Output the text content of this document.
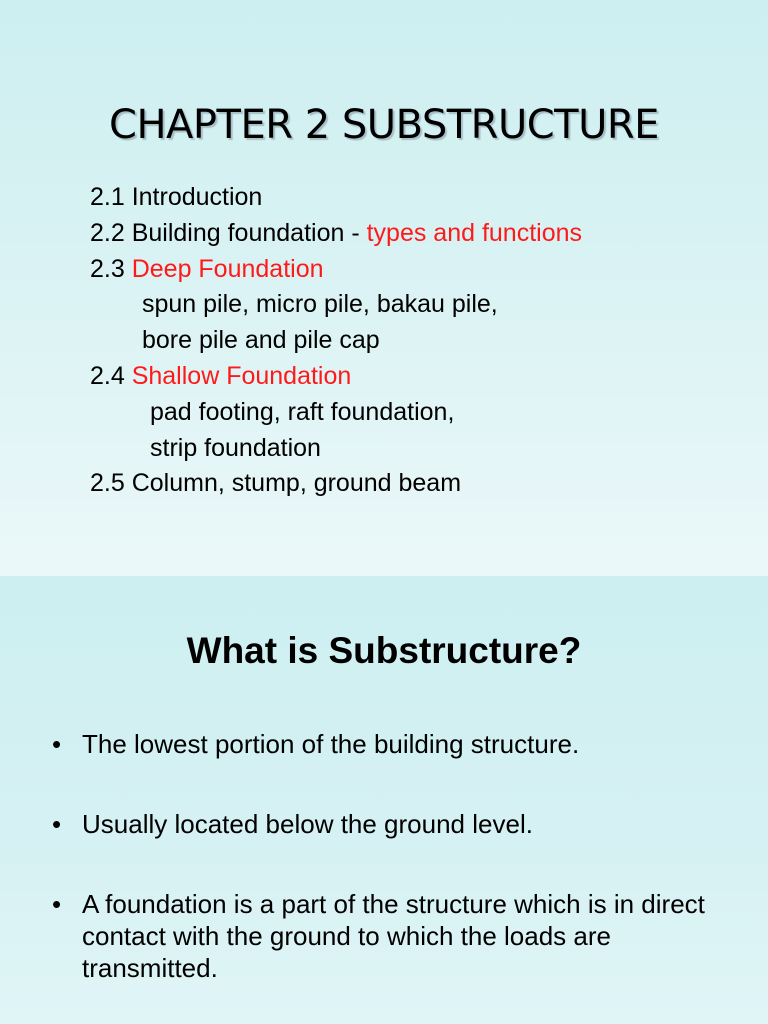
CHAPTER 2 SUBSTRUCTURE
2.1 Introduction
2.2 Building foundation - types and functions
2.3 Deep Foundation
spun pile, micro pile, bakau pile,
bore pile and pile cap
2.4 Shallow Foundation
pad footing, raft foundation,
strip foundation
2.5 Column, stump, ground beam
What is Substructure?
• The lowest portion of the building structure.
• Usually located below the ground level.
• A foundation is a part of the structure which is in direct contact with the ground to which the loads are transmitted.
